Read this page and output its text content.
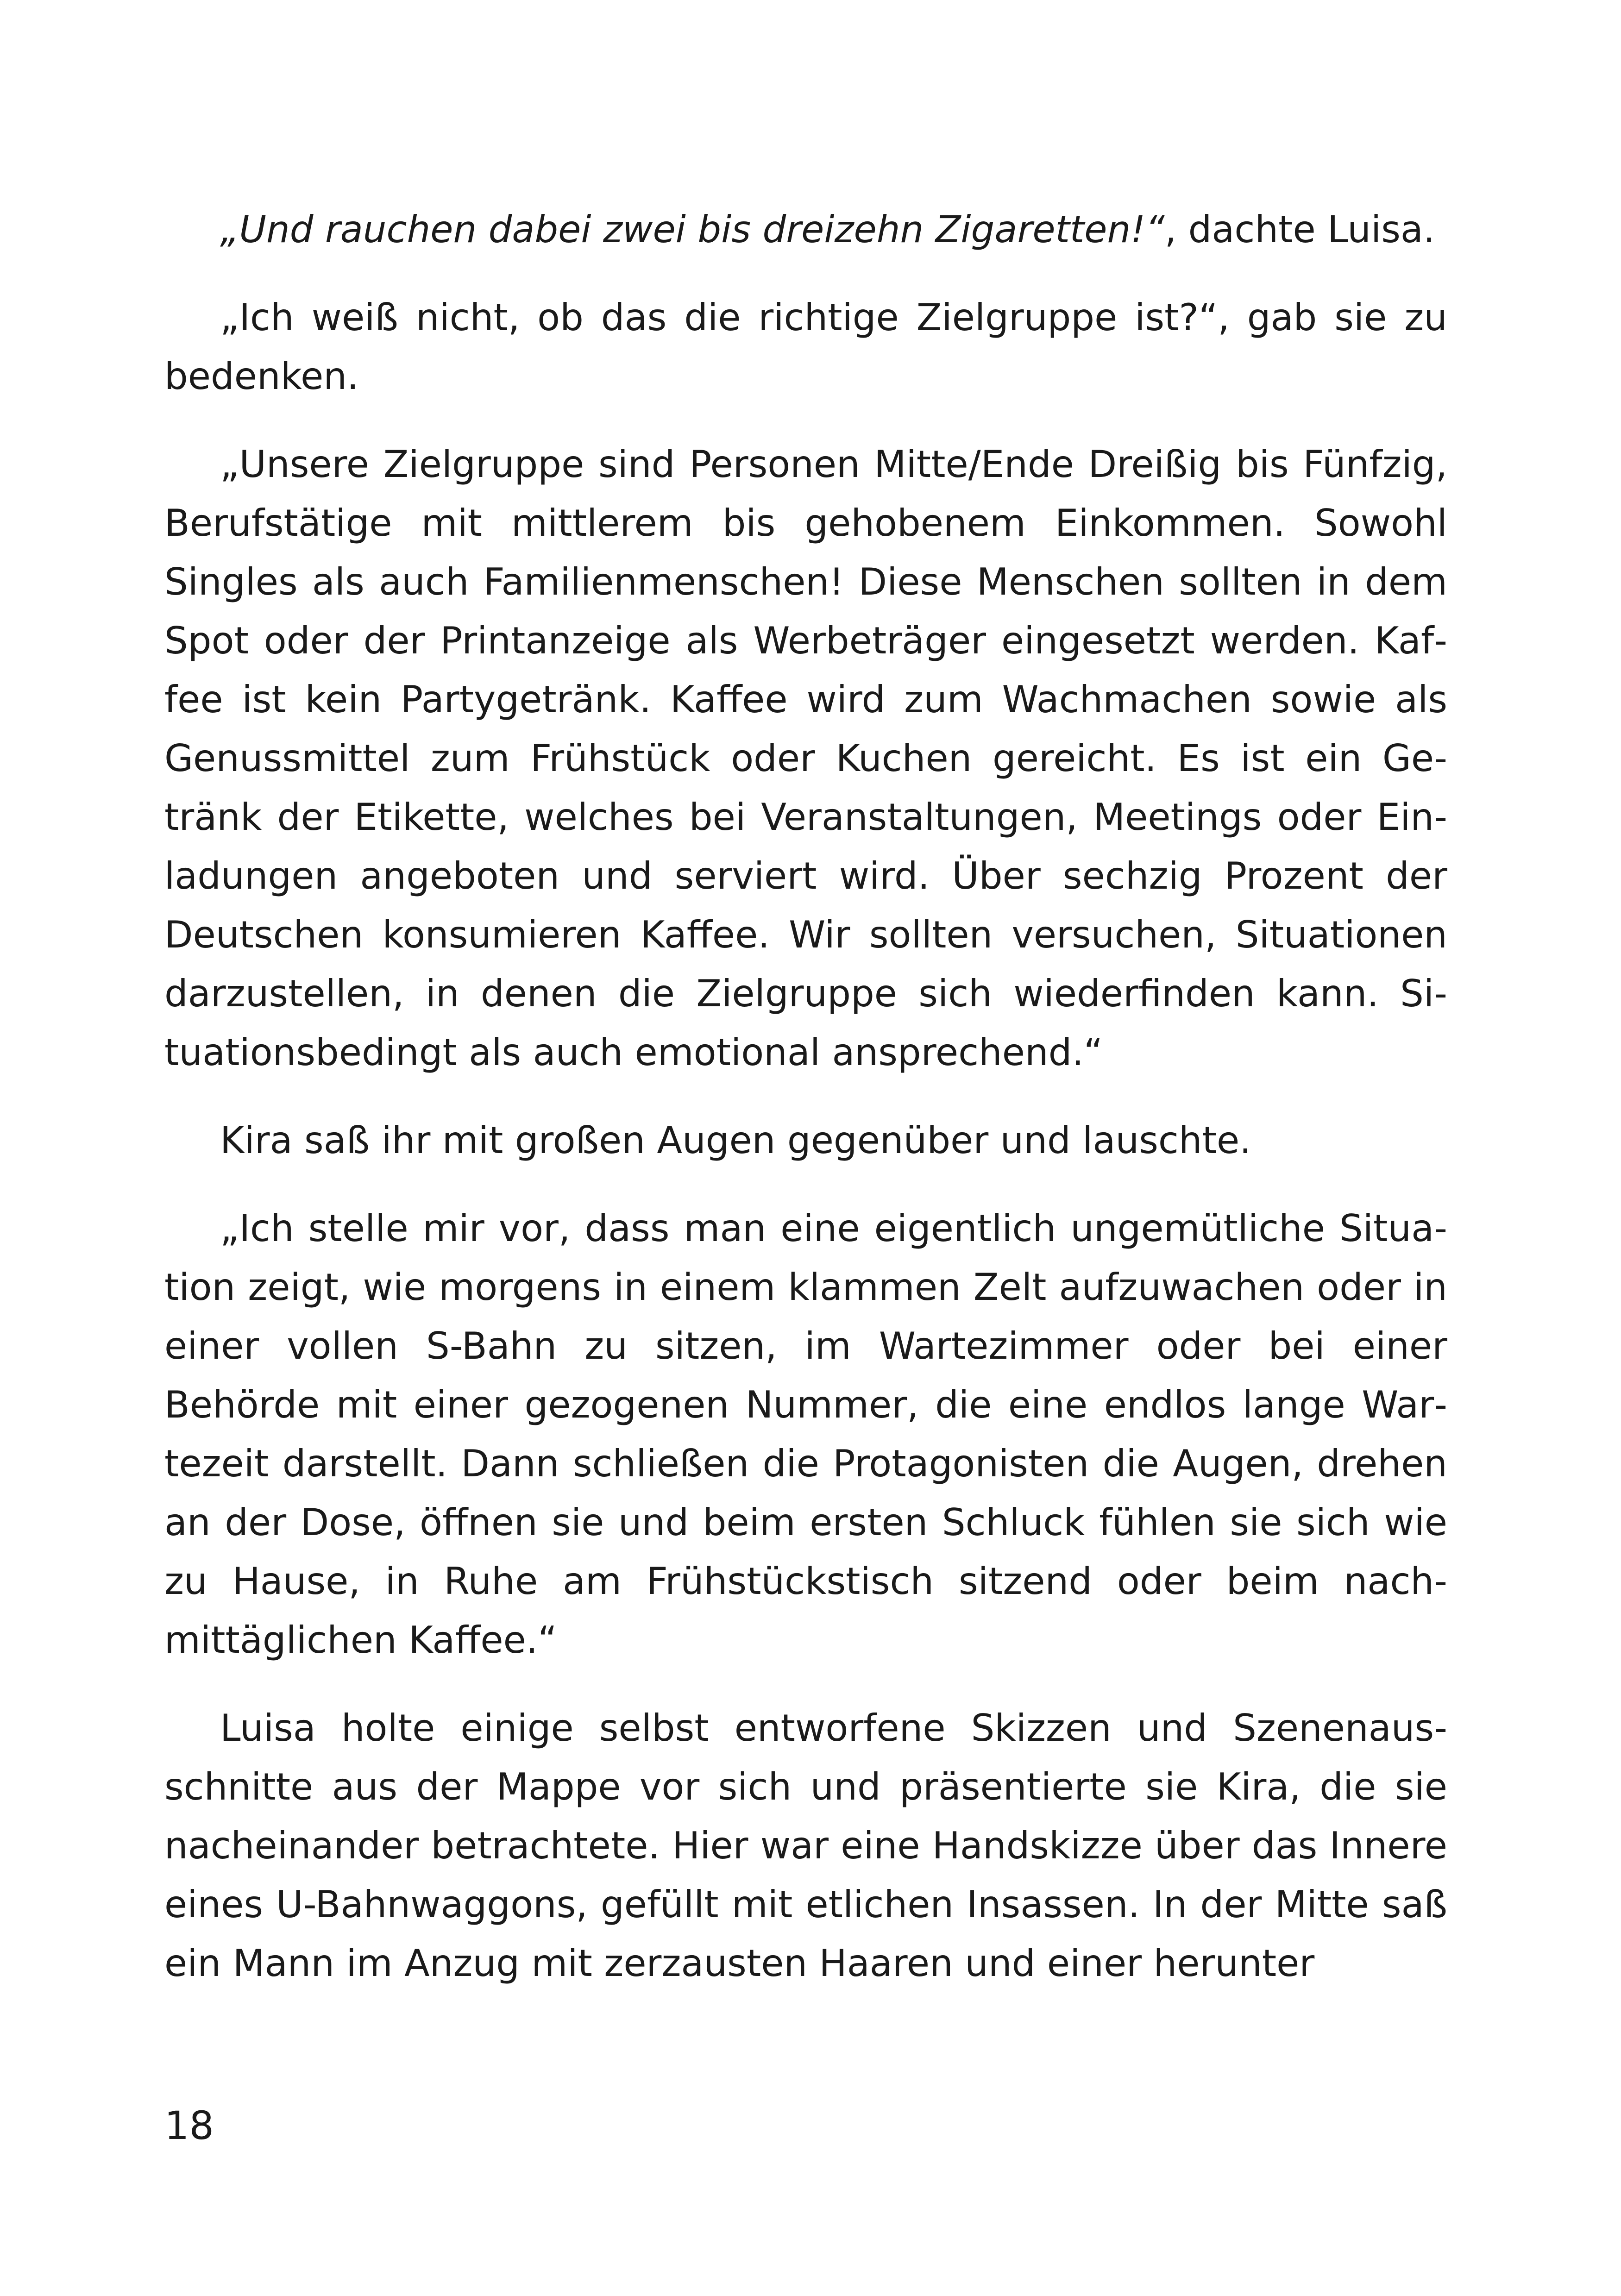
„Und rauchen dabei zwei bis dreizehn Zigaretten!“, dachte Luisa.

„Ich weiß nicht, ob das die richtige Zielgruppe ist?“, gab sie zu bedenken.

„Unsere Zielgruppe sind Personen Mitte/Ende Dreißig bis Fünfzig, Berufstätige mit mittlerem bis gehobenem Einkommen. Sowohl Singles als auch Familienmenschen! Diese Menschen sollten in dem Spot oder der Printanzeige als Werbeträger eingesetzt werden. Kaffee ist kein Partygetränk. Kaffee wird zum Wachmachen sowie als Genussmittel zum Frühstück oder Kuchen gereicht. Es ist ein Getränk der Etikette, welches bei Veranstaltungen, Meetings oder Einladungen angeboten und serviert wird. Über sechzig Prozent der Deutschen konsumieren Kaffee. Wir sollten versuchen, Situationen darzustellen, in denen die Zielgruppe sich wiederfinden kann. Situationsbedingt als auch emotional ansprechend.“

Kira saß ihr mit großen Augen gegenüber und lauschte.

„Ich stelle mir vor, dass man eine eigentlich ungemütliche Situation zeigt, wie morgens in einem klammen Zelt aufzuwachen oder in einer vollen S-Bahn zu sitzen, im Wartezimmer oder bei einer Behörde mit einer gezogenen Nummer, die eine endlos lange Wartezeit darstellt. Dann schließen die Protagonisten die Augen, drehen an der Dose, öffnen sie und beim ersten Schluck fühlen sie sich wie zu Hause, in Ruhe am Frühstückstisch sitzend oder beim nachmittäglichen Kaffee.“

Luisa holte einige selbst entworfene Skizzen und Szenenausschnitte aus der Mappe vor sich und präsentierte sie Kira, die sie nacheinander betrachtete. Hier war eine Handskizze über das Innere eines U-Bahnwaggons, gefüllt mit etlichen Insassen. In der Mitte saß ein Mann im Anzug mit zerzausten Haaren und einer herunter

18
